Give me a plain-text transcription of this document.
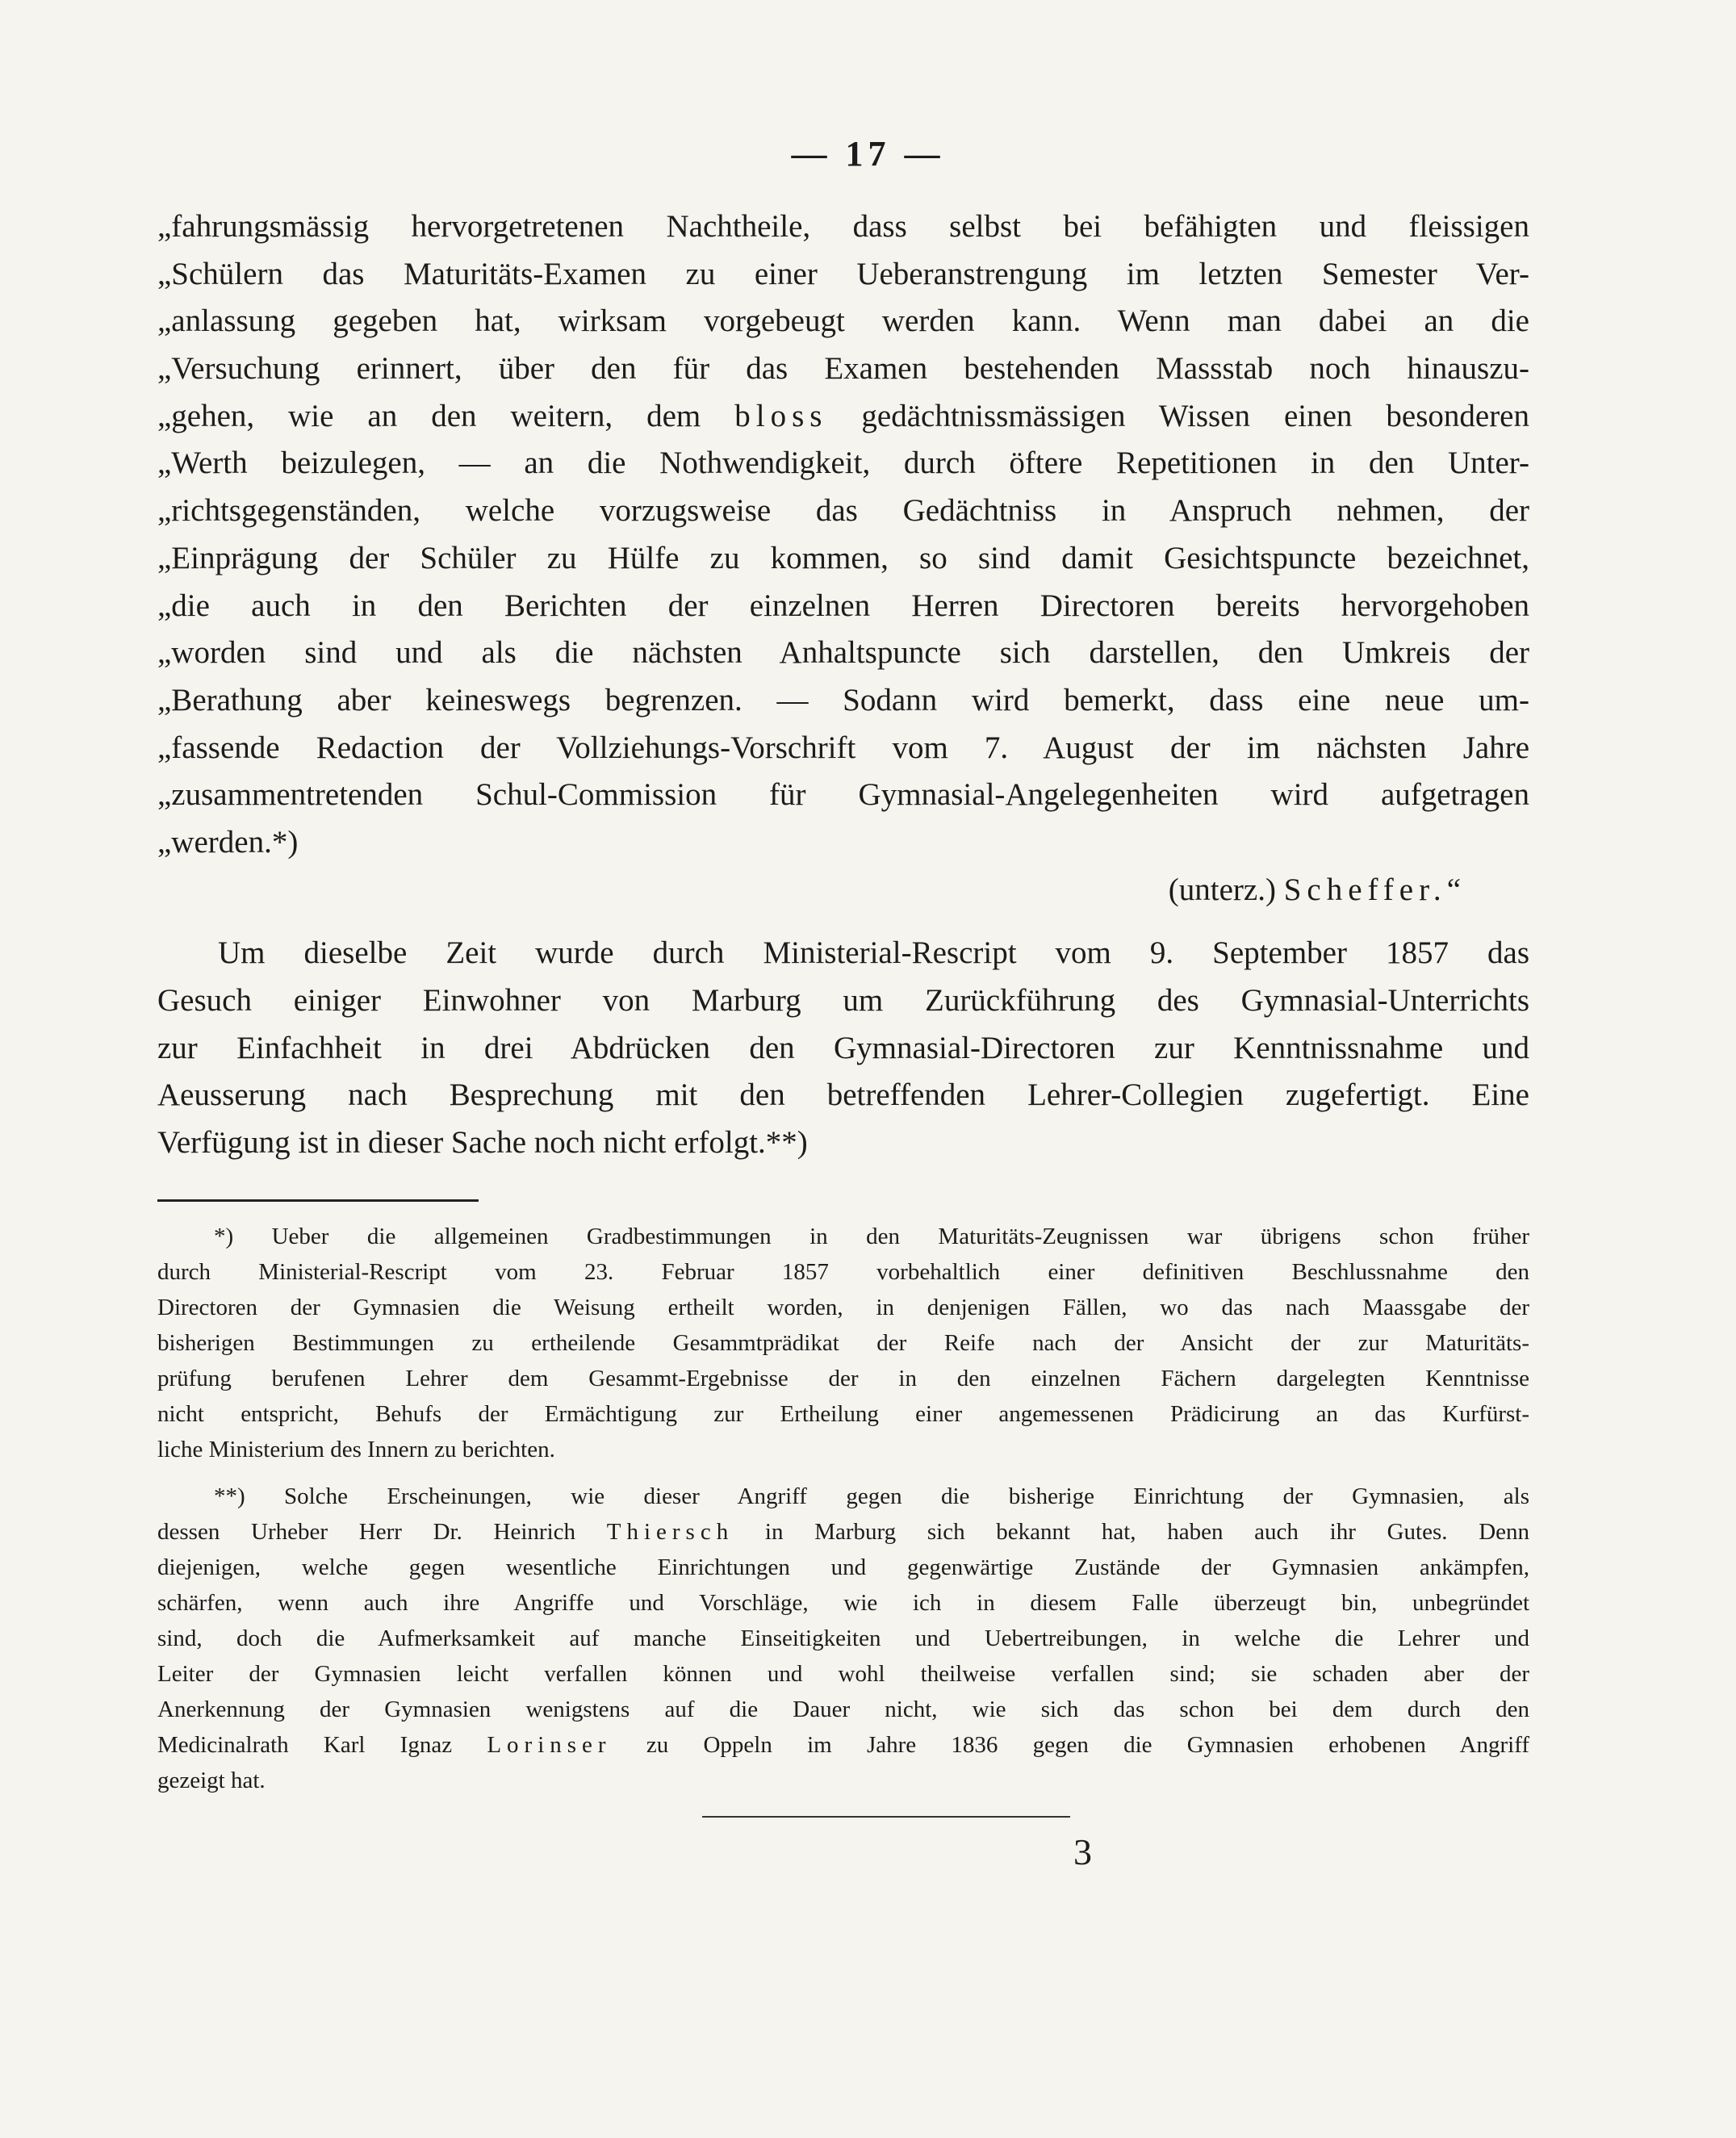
— 17 —
„fahrungsmässig hervorgetretenen Nachtheile, dass selbst bei befähigten und fleissigen
„Schülern das Maturitäts-Examen zu einer Ueberanstrengung im letzten Semester Ver-
„anlassung gegeben hat, wirksam vorgebeugt werden kann. Wenn man dabei an die
„Versuchung erinnert, über den für das Examen bestehenden Massstab noch hinauszu-
„gehen, wie an den weitern, dem bloss gedächtnissmässigen Wissen einen besonderen
„Werth beizulegen, — an die Nothwendigkeit, durch öftere Repetitionen in den Unter-
„richtsgegenständen, welche vorzugsweise das Gedächtniss in Anspruch nehmen, der
„Einprägung der Schüler zu Hülfe zu kommen, so sind damit Gesichtspuncte bezeichnet,
„die auch in den Berichten der einzelnen Herren Directoren bereits hervorgehoben
„worden sind und als die nächsten Anhaltspuncte sich darstellen, den Umkreis der
„Berathung aber keineswegs begrenzen. — Sodann wird bemerkt, dass eine neue um-
„fassende Redaction der Vollziehungs-Vorschrift vom 7. August der im nächsten Jahre
„zusammentretenden Schul-Commission für Gymnasial-Angelegenheiten wird aufgetragen
„werden.*)
(unterz.) Scheffer.“
Um dieselbe Zeit wurde durch Ministerial-Rescript vom 9. September 1857 das
Gesuch einiger Einwohner von Marburg um Zurückführung des Gymnasial-Unterrichts
zur Einfachheit in drei Abdrücken den Gymnasial-Directoren zur Kenntnissnahme und
Aeusserung nach Besprechung mit den betreffenden Lehrer-Collegien zugefertigt. Eine
Verfügung ist in dieser Sache noch nicht erfolgt.**)
*) Ueber die allgemeinen Gradbestimmungen in den Maturitäts-Zeugnissen war übrigens schon früher
durch Ministerial-Rescript vom 23. Februar 1857 vorbehaltlich einer definitiven Beschlussnahme den
Directoren der Gymnasien die Weisung ertheilt worden, in denjenigen Fällen, wo das nach Maassgabe der
bisherigen Bestimmungen zu ertheilende Gesammtprädikat der Reife nach der Ansicht der zur Maturitäts-
prüfung berufenen Lehrer dem Gesammt-Ergebnisse der in den einzelnen Fächern dargelegten Kenntnisse
nicht entspricht, Behufs der Ermächtigung zur Ertheilung einer angemessenen Prädicirung an das Kurfürst-
liche Ministerium des Innern zu berichten.
**) Solche Erscheinungen, wie dieser Angriff gegen die bisherige Einrichtung der Gymnasien, als
dessen Urheber Herr Dr. Heinrich Thiersch in Marburg sich bekannt hat, haben auch ihr Gutes. Denn
diejenigen, welche gegen wesentliche Einrichtungen und gegenwärtige Zustände der Gymnasien ankämpfen,
schärfen, wenn auch ihre Angriffe und Vorschläge, wie ich in diesem Falle überzeugt bin, unbegründet
sind, doch die Aufmerksamkeit auf manche Einseitigkeiten und Uebertreibungen, in welche die Lehrer und
Leiter der Gymnasien leicht verfallen können und wohl theilweise verfallen sind; sie schaden aber der
Anerkennung der Gymnasien wenigstens auf die Dauer nicht, wie sich das schon bei dem durch den
Medicinalrath Karl Ignaz Lorinser zu Oppeln im Jahre 1836 gegen die Gymnasien erhobenen Angriff
gezeigt hat.
3
